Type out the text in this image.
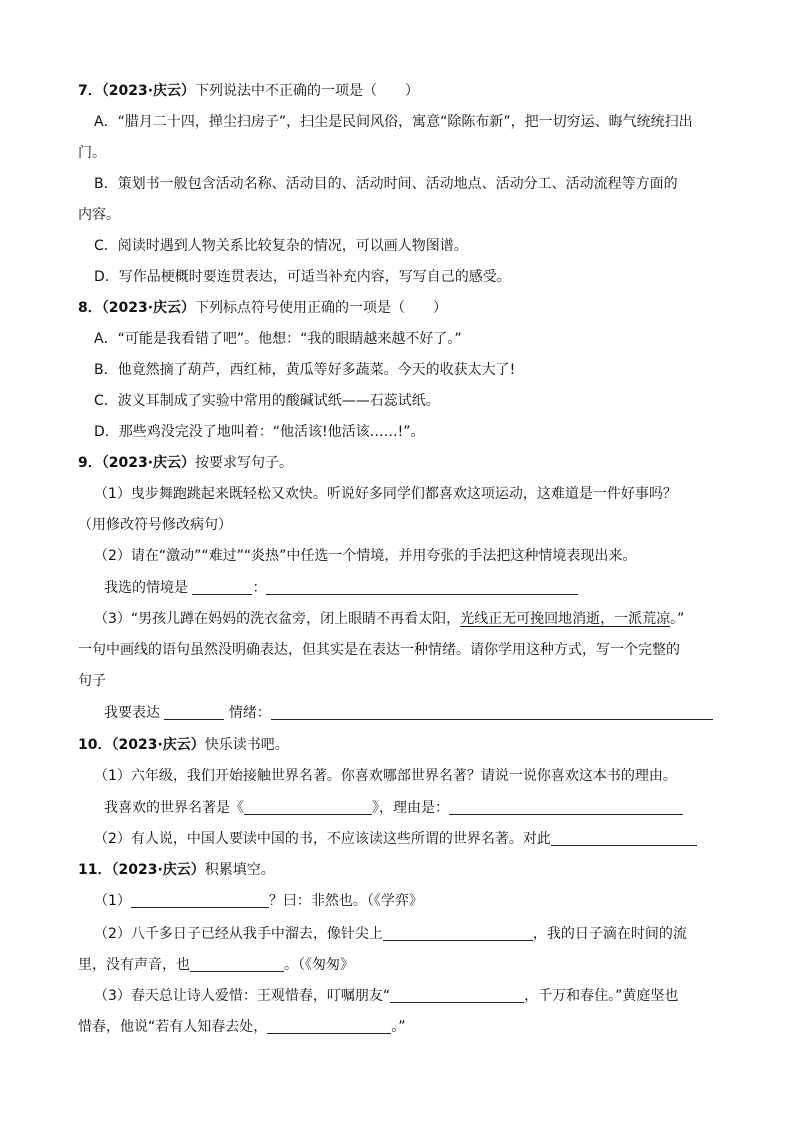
7．（2023·庆云）下列说法中不正确的一项是（　　）
A．“腊月二十四，掸尘扫房子”，扫尘是民间风俗，寓意“除陈布新”，把一切穷运、晦气统统扫出
门。
B．策划书一般包含活动名称、活动目的、活动时间、活动地点、活动分工、活动流程等方面的
内容。
C．阅读时遇到人物关系比较复杂的情况，可以画人物图谱。
D．写作品梗概时要连贯表达，可适当补充内容，写写自己的感受。
8．（2023·庆云）下列标点符号使用正确的一项是（　　）
A．“可能是我看错了吧”。他想：“我的眼睛越来越不好了。”
B．他竟然摘了葫芦，西红柿，黄瓜等好多蔬菜。今天的收获太大了!
C．波义耳制成了实验中常用的酸碱试纸——石蕊试纸。
D．那些鸡没完没了地叫着：“他活该!他活该……!”。
9．（2023·庆云）按要求写句子。
（1）曳步舞跑跳起来既轻松又欢快。听说好多同学们都喜欢这项运动，这难道是一件好事吗？
（用修改符号修改病句）
（2）请在“激动”“难过”“炎热”中任选一个情境，并用夸张的手法把这种情境表现出来。
我选的情境是	：
（3）“男孩儿蹲在妈妈的洗衣盆旁，闭上眼睛不再看太阳，光线正无可挽回地消逝，一派荒凉。”
一句中画线的语句虽然没明确表达，但其实是在表达一种情绪。请你学用这种方式，写一个完整的
句子
我要表达	情绪：
10．（2023·庆云）快乐读书吧。
（1）六年级，我们开始接触世界名著。你喜欢哪部世界名著？请说一说你喜欢这本书的理由。
我喜欢的世界名著是《	》，理由是：
（2）有人说，中国人要读中国的书，不应该读这些所谓的世界名著。对此
11．（2023·庆云）积累填空。
（1）	？曰：非然也。（《学弈》
（2）八千多日子已经从我手中溜去，像针尖上	，我的日子滴在时间的流
里，没有声音，也	。（《匆匆》
（3）春天总让诗人爱惜：王观惜春，叮嘱朋友“	，千万和春住。”黄庭坚也
惜春，他说“若有人知春去处，	。”
